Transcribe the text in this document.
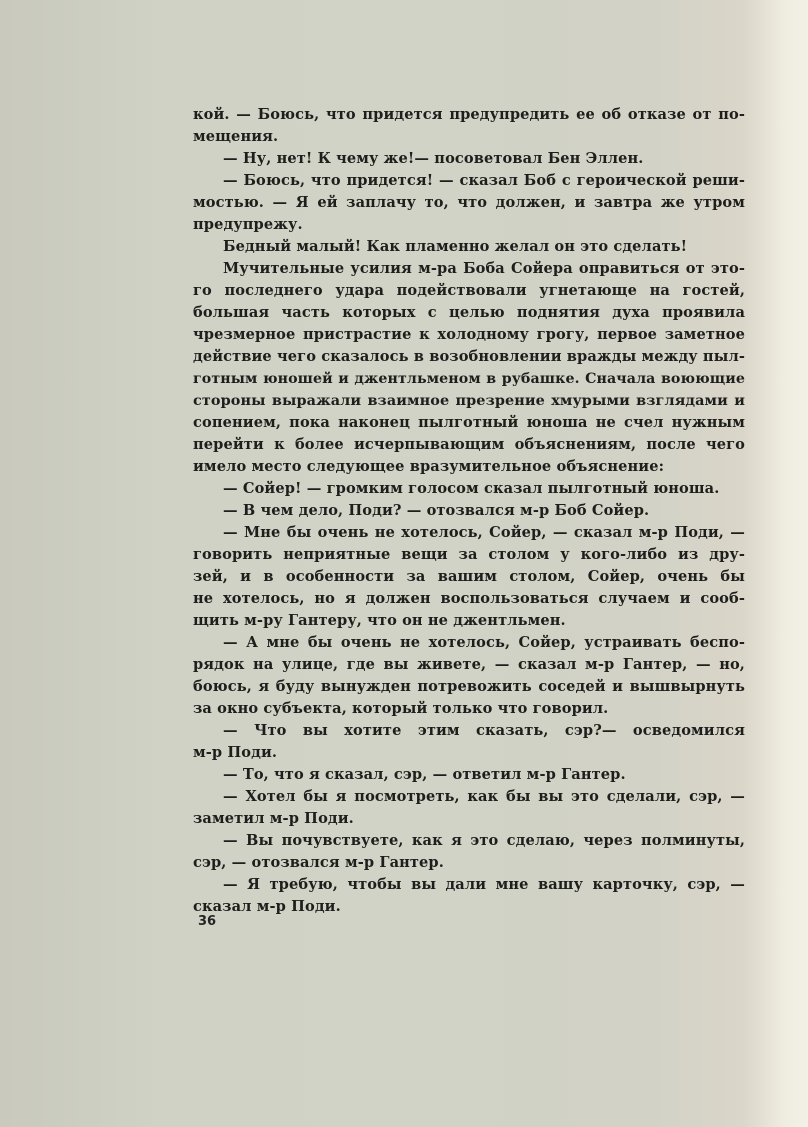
кой. — Боюсь, что придется предупредить ее об отказе от по-
мещения.
— Ну, нет! К чему же!— посоветовал Бен Эллен.
— Боюсь, что придется! — сказал Боб с героической реши-
мостью. — Я ей заплачу то, что должен, и завтра же утром
предупрежу.
Бедный малый! Как пламенно желал он это сделать!
Мучительные усилия м-ра Боба Сойера оправиться от это-
го последнего удара подействовали угнетающе на гостей,
большая часть которых с целью поднятия духа проявила
чрезмерное пристрастие к холодному грогу, первое заметное
действие чего сказалось в возобновлении вражды между пыл-
готным юношей и джентльменом в рубашке. Сначала воюющие
стороны выражали взаимное презрение хмурыми взглядами и
сопением, пока наконец пылготный юноша не счел нужным
перейти к более исчерпывающим объяснениям, после чего
имело место следующее вразумительное объяснение:
— Сойер! — громким голосом сказал пылготный юноша.
— В чем дело, Поди? — отозвался м-р Боб Сойер.
— Мне бы очень не хотелось, Сойер, — сказал м-р Поди, —
говорить неприятные вещи за столом у кого-либо из дру-
зей, и в особенности за вашим столом, Сойер, очень бы
не хотелось, но я должен воспользоваться случаем и сооб-
щить м-ру Гантеру, что он не джентльмен.
— А мне бы очень не хотелось, Сойер, устраивать беспо-
рядок на улице, где вы живете, — сказал м-р Гантер, — но,
боюсь, я буду вынужден потревожить соседей и вышвырнуть
за окно субъекта, который только что говорил.
— Что вы хотите этим сказать, сэр?— осведомился
м-р Поди.
— То, что я сказал, сэр, — ответил м-р Гантер.
— Хотел бы я посмотреть, как бы вы это сделали, сэр, —
заметил м-р Поди.
— Вы почувствуете, как я это сделаю, через полминуты,
сэр, — отозвался м-р Гантер.
— Я требую, чтобы вы дали мне вашу карточку, сэр, —
сказал м-р Поди.
36
